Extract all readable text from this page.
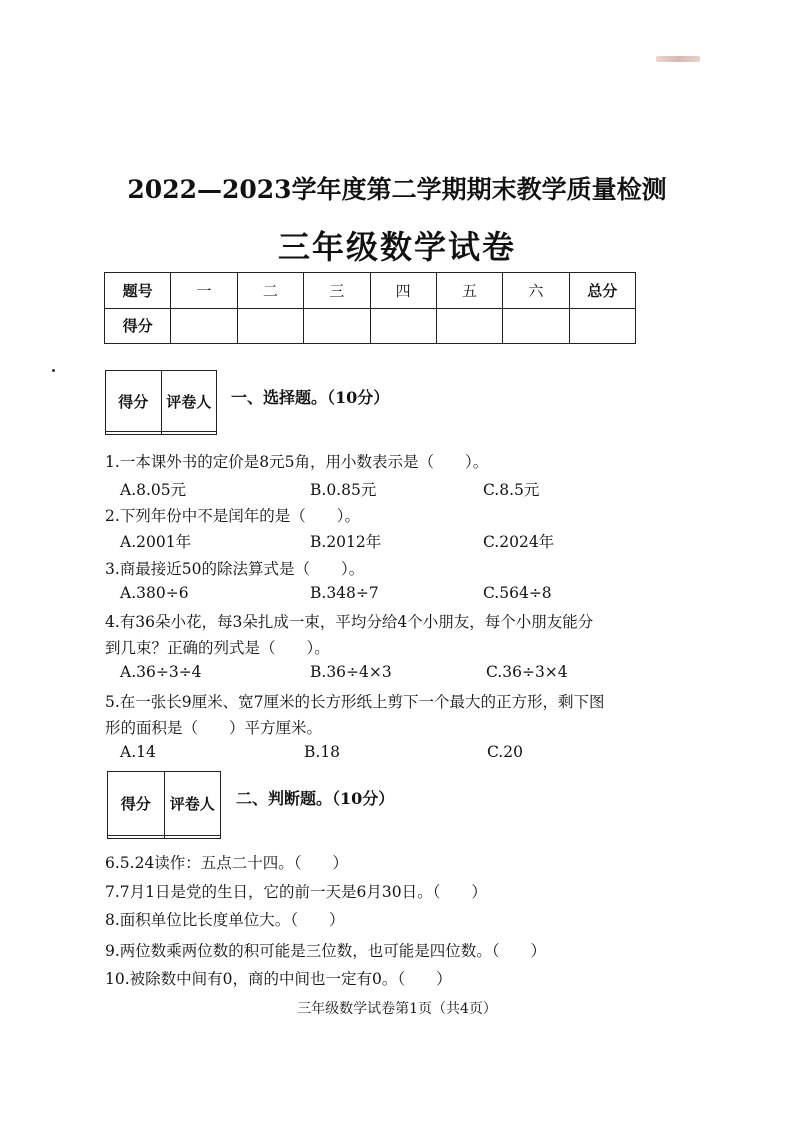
2022—2023学年度第二学期期末教学质量检测
三年级数学试卷
题号	一	二	三	四	五	六	总分
得分							
得分	评卷人
	一、选择题。（10分）
1.一本课外书的定价是8元5角，用小数表示是（　　）。
A.8.05元	B.0.85元	C.8.5元
2.下列年份中不是闰年的是（　　）。
A.2001年	B.2012年	C.2024年
3.商最接近50的除法算式是（　　）。
A.380÷6	B.348÷7	C.564÷8
4.有36朵小花，每3朵扎成一束，平均分给4个小朋友，每个小朋友能分
到几束？正确的列式是（　　）。
A.36÷3÷4	B.36÷4×3	C.36÷3×4
5.在一张长9厘米、宽7厘米的长方形纸上剪下一个最大的正方形，剩下图
形的面积是（　　）平方厘米。
A.14	B.18	C.20
得分	评卷人
	二、判断题。（10分）
6.5.24读作：五点二十四。（　　）
7.7月1日是党的生日，它的前一天是6月30日。（　　）
8.面积单位比长度单位大。（　　）
9.两位数乘两位数的积可能是三位数，也可能是四位数。（　　）
10.被除数中间有0，商的中间也一定有0。（　　）
三年级数学试卷第1页（共4页）
